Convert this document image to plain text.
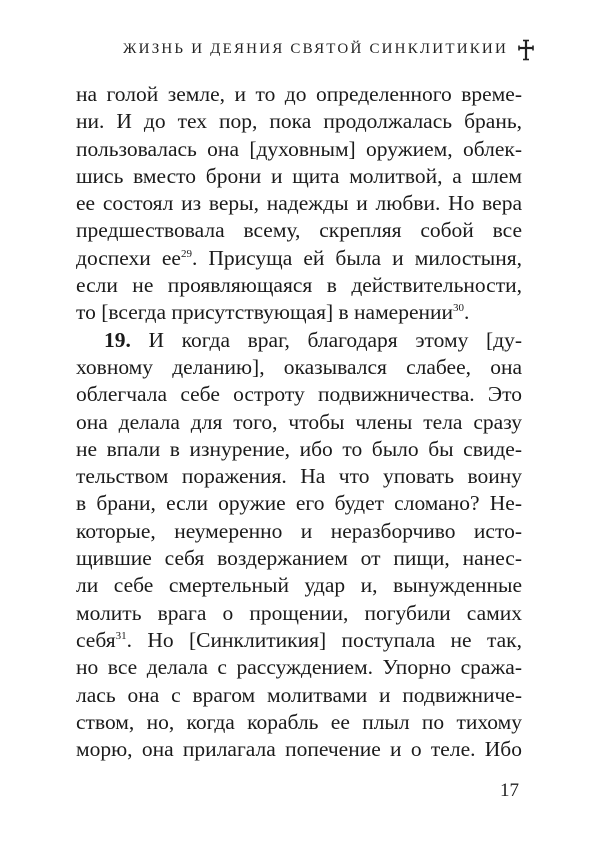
ЖИЗНЬ И ДЕЯНИЯ СВЯТОЙ СИНКЛИТИКИИ
на голой земле, и то до определенного време-
ни. И до тех пор, пока продолжалась брань,
пользовалась она [духовным] оружием, облек-
шись вместо брони и щита молитвой, а шлем
ее состоял из веры, надежды и любви. Но вера
предшествовала всему, скрепляя собой все
доспехи $ее^{29}$. Присуща ей была и милостыня,
если не проявляющаяся в действительности,
то [всегда присутствующая] в намерении$^{30}$.
19. И когда враг, благодаря этому [ду-
ховному деланию], оказывался слабее, она
облегчала себе остроту подвижничества. Это
она делала для того, чтобы члены тела сразу
не впали в изнурение, ибо то было бы свиде-
тельством поражения. На что уповать воину
в брани, если оружие его будет сломано? Не-
которые, неумеренно и неразборчиво исто-
щившие себя воздержанием от пищи, нанес-
ли себе смертельный удар и, вынужденные
молить врага о прощении, погубили самих
себя$^{31}$. Но [Синклитикия] поступала не так,
но все делала с рассуждением. Упорно сража-
лась она с врагом молитвами и подвижниче-
ством, но, когда корабль ее плыл по тихому
морю, она прилагала попечение и о теле. Ибо
17
